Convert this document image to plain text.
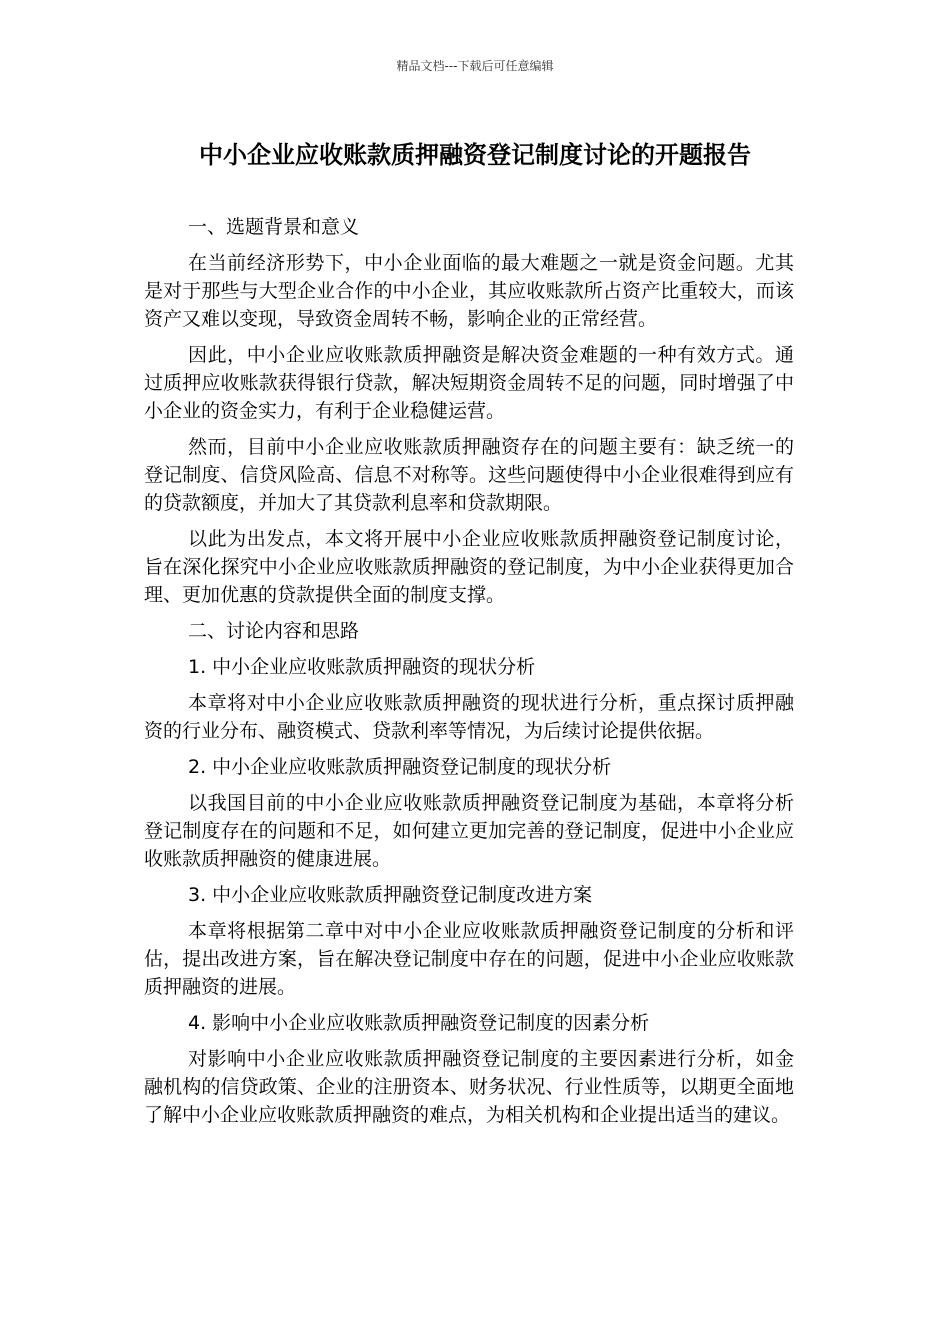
精品文档---下载后可任意编辑
中小企业应收账款质押融资登记制度讨论的开题报告

一、选题背景和意义

在当前经济形势下，中小企业面临的最大难题之一就是资金问题。尤其是对于那些与大型企业合作的中小企业，其应收账款所占资产比重较大，而该资产又难以变现，导致资金周转不畅，影响企业的正常经营。

因此，中小企业应收账款质押融资是解决资金难题的一种有效方式。通过质押应收账款获得银行贷款，解决短期资金周转不足的问题，同时增强了中小企业的资金实力，有利于企业稳健运营。

然而，目前中小企业应收账款质押融资存在的问题主要有：缺乏统一的登记制度、信贷风险高、信息不对称等。这些问题使得中小企业很难得到应有的贷款额度，并加大了其贷款利息率和贷款期限。

以此为出发点，本文将开展中小企业应收账款质押融资登记制度讨论，旨在深化探究中小企业应收账款质押融资的登记制度，为中小企业获得更加合理、更加优惠的贷款提供全面的制度支撑。

二、讨论内容和思路

1. 中小企业应收账款质押融资的现状分析

本章将对中小企业应收账款质押融资的现状进行分析，重点探讨质押融资的行业分布、融资模式、贷款利率等情况，为后续讨论提供依据。

2. 中小企业应收账款质押融资登记制度的现状分析

以我国目前的中小企业应收账款质押融资登记制度为基础，本章将分析登记制度存在的问题和不足，如何建立更加完善的登记制度，促进中小企业应收账款质押融资的健康进展。

3. 中小企业应收账款质押融资登记制度改进方案

本章将根据第二章中对中小企业应收账款质押融资登记制度的分析和评估，提出改进方案，旨在解决登记制度中存在的问题，促进中小企业应收账款质押融资的进展。

4. 影响中小企业应收账款质押融资登记制度的因素分析

对影响中小企业应收账款质押融资登记制度的主要因素进行分析，如金融机构的信贷政策、企业的注册资本、财务状况、行业性质等，以期更全面地了解中小企业应收账款质押融资的难点，为相关机构和企业提出适当的建议。
